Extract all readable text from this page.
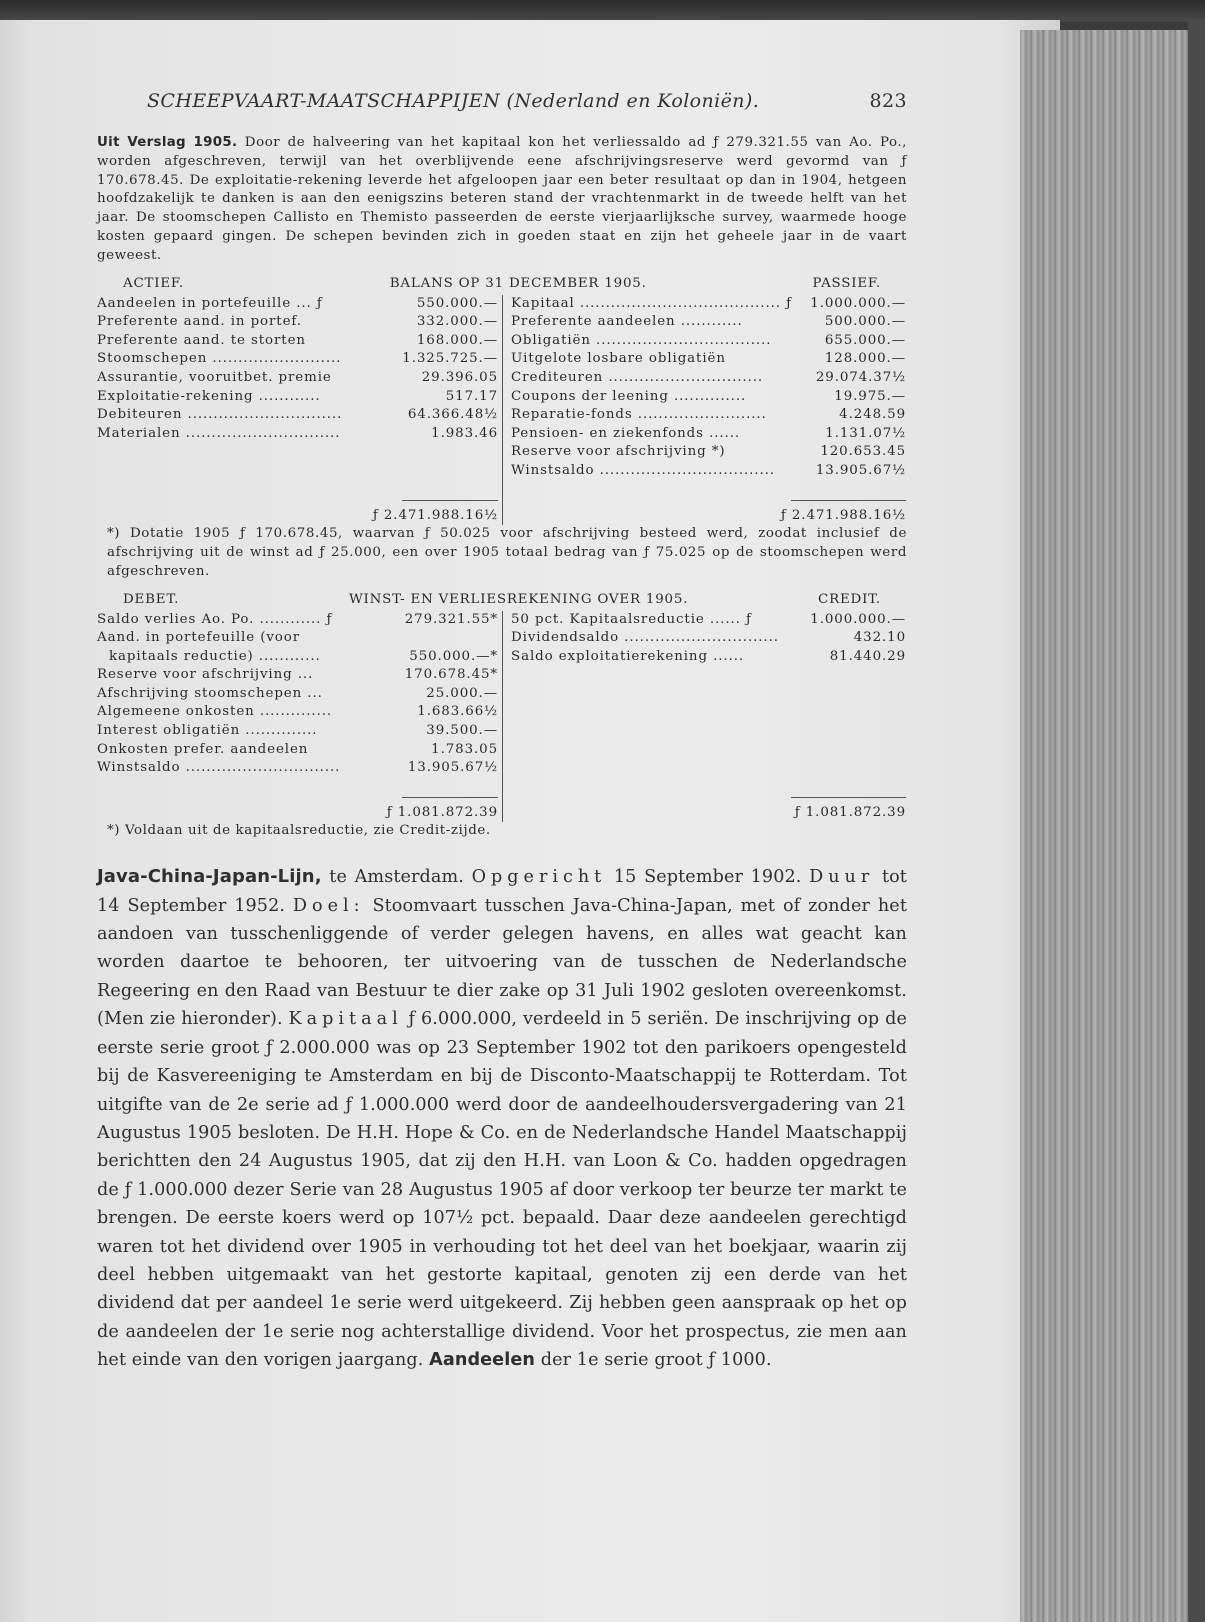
SCHEEPVAART-MAATSCHAPPIJEN (Nederland en Koloniën).	823

Uit Verslag 1905. Door de halveering van het kapitaal kon het verliessaldo ad ƒ 279.321.55 van Ao. Po., worden afgeschreven, terwijl van het overblijvende eene afschrijvingsreserve werd gevormd van ƒ 170.678.45. De exploitatie-rekening leverde het afgeloopen jaar een beter resultaat op dan in 1904, hetgeen hoofdzakelijk te danken is aan den eenigszins beteren stand der vrachtenmarkt in de tweede helft van het jaar. De stoomschepen Callisto en Themisto passeerden de eerste vierjaarlijksche survey, waarmede hooge kosten gepaard gingen. De schepen bevinden zich in goeden staat en zijn het geheele jaar in de vaart geweest.

ACTIEF.	BALANS OP 31 DECEMBER 1905.	PASSIEF.
Aandeelen in portefeuille ... ƒ	550.000.—
Preferente aand. in portef.	332.000.—
Preferente aand. te storten	168.000.—
Stoomschepen .........................	1.325.725.—
Assurantie, vooruitbet. premie	29.396.05
Exploitatie-rekening ............	517.17
Debiteuren ..............................	64.366.48½
Materialen ..............................	1.983.46
ƒ 2.471.988.16½
Kapitaal ....................................... ƒ	1.000.000.—
Preferente aandeelen ............	500.000.—
Obligatiën ..................................	655.000.—
Uitgelote losbare obligatiën	128.000.—
Crediteuren ..............................	29.074.37½
Coupons der leening ..............	19.975.—
Reparatie-fonds .........................	4.248.59
Pensioen- en ziekenfonds ......	1.131.07½
Reserve voor afschrijving *)	120.653.45
Winstsaldo ..................................	13.905.67½
ƒ 2.471.988.16½

*) Dotatie 1905 ƒ 170.678.45, waarvan ƒ 50.025 voor afschrijving besteed werd, zoodat inclusief de afschrijving uit de winst ad ƒ 25.000, een over 1905 totaal bedrag van ƒ 75.025 op de stoomschepen werd afgeschreven.

DEBET.	WINST- EN VERLIESREKENING OVER 1905.	CREDIT.
Saldo verlies Ao. Po. ............ ƒ	279.321.55*
Aand. in portefeuille (voor
kapitaals reductie) ............	550.000.—*
Reserve voor afschrijving ...	170.678.45*
Afschrijving stoomschepen ...	25.000.—
Algemeene onkosten ..............	1.683.66½
Interest obligatiën ..............	39.500.—
Onkosten prefer. aandeelen	1.783.05
Winstsaldo ..............................	13.905.67½
ƒ 1.081.872.39
50 pct. Kapitaalsreductie ...... ƒ	1.000.000.—
Dividendsaldo ..............................	432.10
Saldo exploitatierekening ......	81.440.29
ƒ 1.081.872.39

*) Voldaan uit de kapitaalsreductie, zie Credit-zijde.

Java-China-Japan-Lijn, te Amsterdam. Opgericht 15 September 1902. Duur tot 14 September 1952. Doel: Stoomvaart tusschen Java-China-Japan, met of zonder het aandoen van tusschenliggende of verder gelegen havens, en alles wat geacht kan worden daartoe te behooren, ter uitvoering van de tusschen de Nederlandsche Regeering en den Raad van Bestuur te dier zake op 31 Juli 1902 gesloten overeenkomst. (Men zie hieronder). Kapitaal ƒ 6.000.000, verdeeld in 5 seriën. De inschrijving op de eerste serie groot ƒ 2.000.000 was op 23 September 1902 tot den parikoers opengesteld bij de Kasvereeniging te Amsterdam en bij de Disconto-Maatschappij te Rotterdam. Tot uitgifte van de 2e serie ad ƒ 1.000.000 werd door de aandeelhoudersvergadering van 21 Augustus 1905 besloten. De H.H. Hope & Co. en de Nederlandsche Handel Maatschappij berichtten den 24 Augustus 1905, dat zij den H.H. van Loon & Co. hadden opgedragen de ƒ 1.000.000 dezer Serie van 28 Augustus 1905 af door verkoop ter beurze ter markt te brengen. De eerste koers werd op 107½ pct. bepaald. Daar deze aandeelen gerechtigd waren tot het dividend over 1905 in verhouding tot het deel van het boekjaar, waarin zij deel hebben uitgemaakt van het gestorte kapitaal, genoten zij een derde van het dividend dat per aandeel 1e serie werd uitgekeerd. Zij hebben geen aanspraak op het op de aandeelen der 1e serie nog achterstallige dividend. Voor het prospectus, zie men aan het einde van den vorigen jaargang. Aandeelen der 1e serie groot ƒ 1000.
